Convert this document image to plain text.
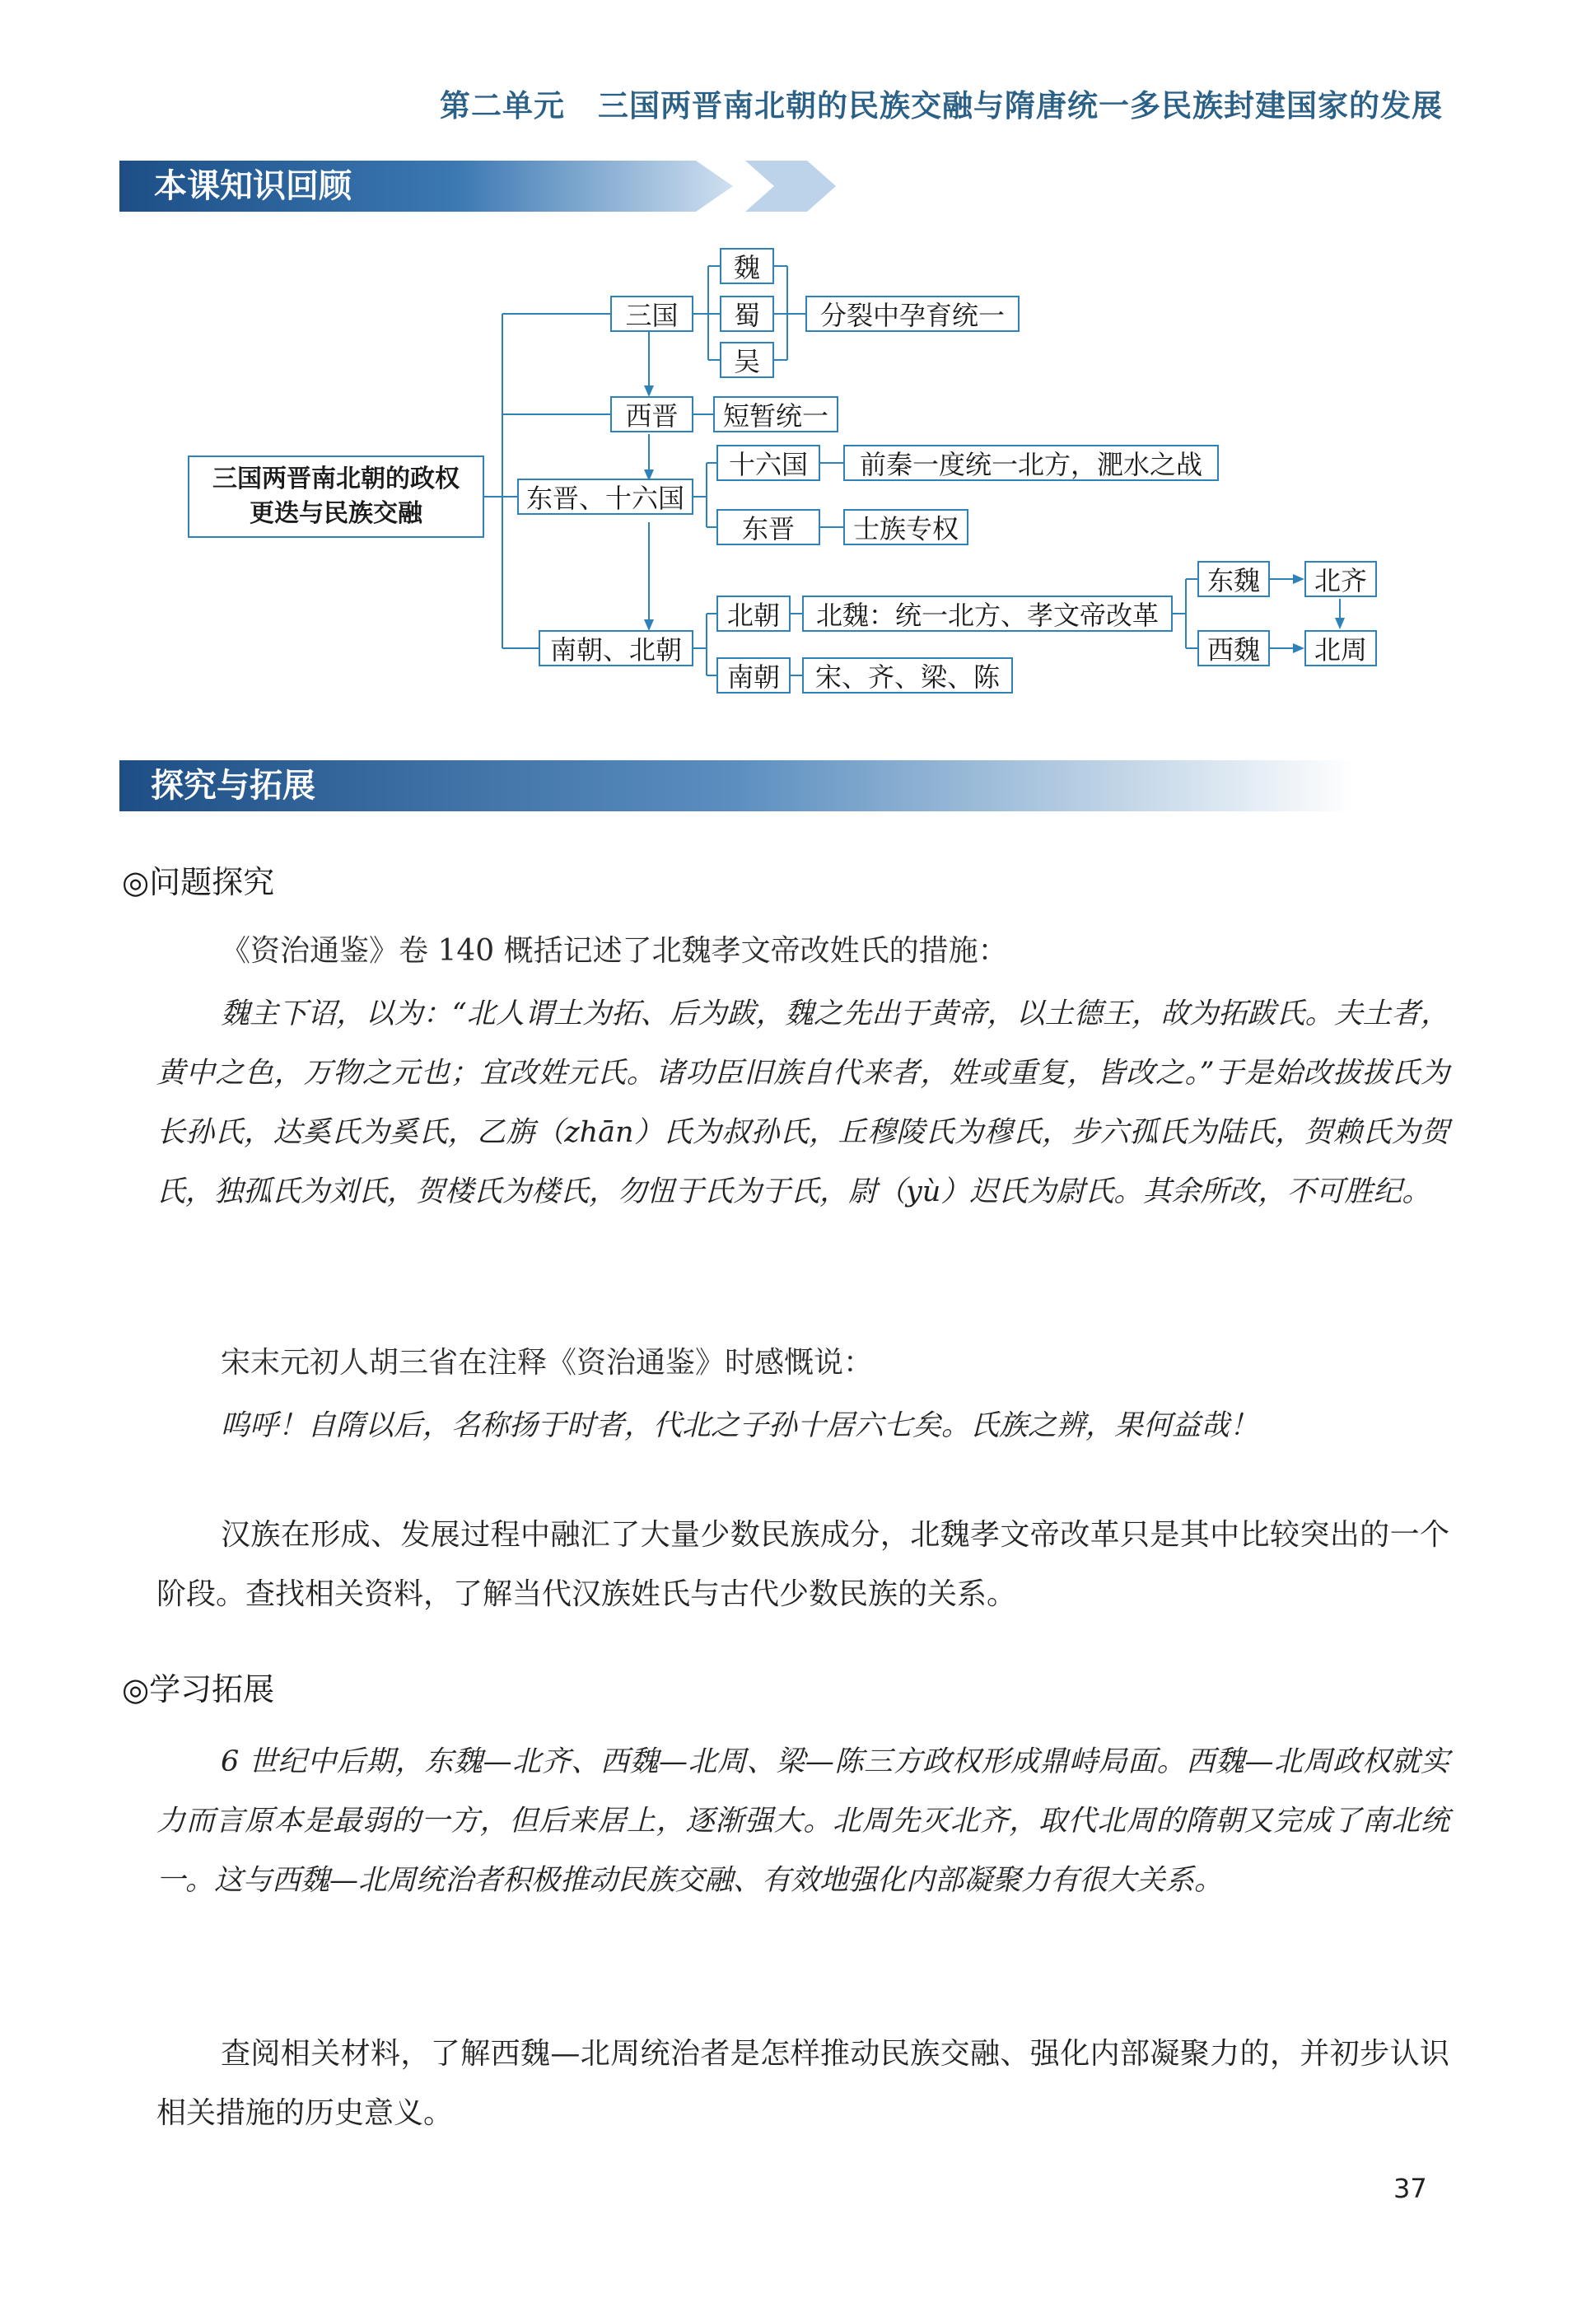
第二单元 三国两晋南北朝的民族交融与隋唐统一多民族封建国家的发展
本课知识回顾
三国两晋南北朝的政权
更迭与民族交融
三国
魏
蜀
吴
分裂中孕育统一
西晋	短暂统一
东晋、十六国
十六国	前秦一度统一北方，淝水之战
东晋	士族专权
南朝、北朝
北朝	北魏：统一北方、孝文帝改革
南朝	宋、齐、梁、陈
东魏	北齐
西魏	北周
探究与拓展
◎问题探究

《资治通鉴》卷 140 概括记述了北魏孝文帝改姓氏的措施：

魏主下诏，以为：“北人谓土为拓、后为跋，魏之先出于黄帝，以土德王，故为拓跋氏。夫土者，黄中之色，万物之元也；宜改姓元氏。诸功臣旧族自代来者，姓或重复，皆改之。”于是始改拔拔氏为长孙氏，达奚氏为奚氏，乙旃（zhān）氏为叔孙氏，丘穆陵氏为穆氏，步六孤氏为陆氏，贺赖氏为贺氏，独孤氏为刘氏，贺楼氏为楼氏，勿忸于氏为于氏，尉（yù）迟氏为尉氏。其余所改，不可胜纪。

宋末元初人胡三省在注释《资治通鉴》时感慨说：

呜呼！自隋以后，名称扬于时者，代北之子孙十居六七矣。氏族之辨，果何益哉！

汉族在形成、发展过程中融汇了大量少数民族成分，北魏孝文帝改革只是其中比较突出的一个阶段。查找相关资料，了解当代汉族姓氏与古代少数民族的关系。

◎学习拓展

6 世纪中后期，东魏—北齐、西魏—北周、梁—陈三方政权形成鼎峙局面。西魏—北周政权就实力而言原本是最弱的一方，但后来居上，逐渐强大。北周先灭北齐，取代北周的隋朝又完成了南北统一。这与西魏—北周统治者积极推动民族交融、有效地强化内部凝聚力有很大关系。

查阅相关材料，了解西魏—北周统治者是怎样推动民族交融、强化内部凝聚力的，并初步认识相关措施的历史意义。

37
